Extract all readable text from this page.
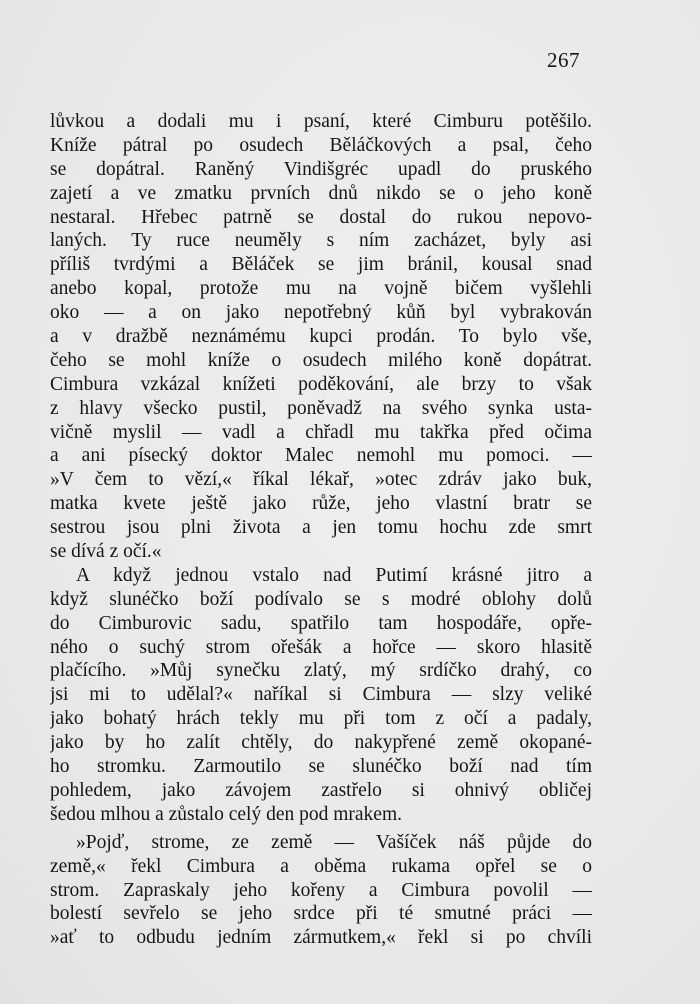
267
lůvkou a dodali mu i psaní, které Cimburu potěšilo.
Kníže pátral po osudech Běláčkových a psal, čeho
se dopátral. Raněný Vindišgréc upadl do pruského
zajetí a ve zmatku prvních dnů nikdo se o jeho koně
nestaral. Hřebec patrně se dostal do rukou nepovo-
laných. Ty ruce neuměly s ním zacházet, byly asi
příliš tvrdými a Běláček se jim bránil, kousal snad
anebo kopal, protože mu na vojně bičem vyšlehli
oko — a on jako nepotřebný kůň byl vybrakován
a v dražbě neznámému kupci prodán. To bylo vše,
čeho se mohl kníže o osudech milého koně dopátrat.
Cimbura vzkázal knížeti poděkování, ale brzy to však
z hlavy všecko pustil, poněvadž na svého synka usta-
vičně myslil — vadl a chřadl mu takřka před očima
a ani písecký doktor Malec nemohl mu pomoci. —
»V čem to vězí,« říkal lékař, »otec zdráv jako buk,
matka kvete ještě jako růže, jeho vlastní bratr se
sestrou jsou plni života a jen tomu hochu zde smrt
se dívá z očí.«
A když jednou vstalo nad Putimí krásné jitro a
když slunéčko boží podívalo se s modré oblohy dolů
do Cimburovic sadu, spatřilo tam hospodáře, opře-
ného o suchý strom ořešák a hořce — skoro hlasitě
plačícího. »Můj synečku zlatý, mý srdíčko drahý, co
jsi mi to udělal?« naříkal si Cimbura — slzy veliké
jako bohatý hrách tekly mu při tom z očí a padaly,
jako by ho zalít chtěly, do nakypřené země okopané-
ho stromku. Zarmoutilo se slunéčko boží nad tím
pohledem, jako závojem zastřelo si ohnivý obličej
šedou mlhou a zůstalo celý den pod mrakem.
»Pojď, strome, ze země — Vašíček náš půjde do
země,« řekl Cimbura a oběma rukama opřel se o
strom. Zapraskaly jeho kořeny a Cimbura povolil —
bolestí sevřelo se jeho srdce při té smutné práci —
»ať to odbudu jedním zármutkem,« řekl si po chvíli
